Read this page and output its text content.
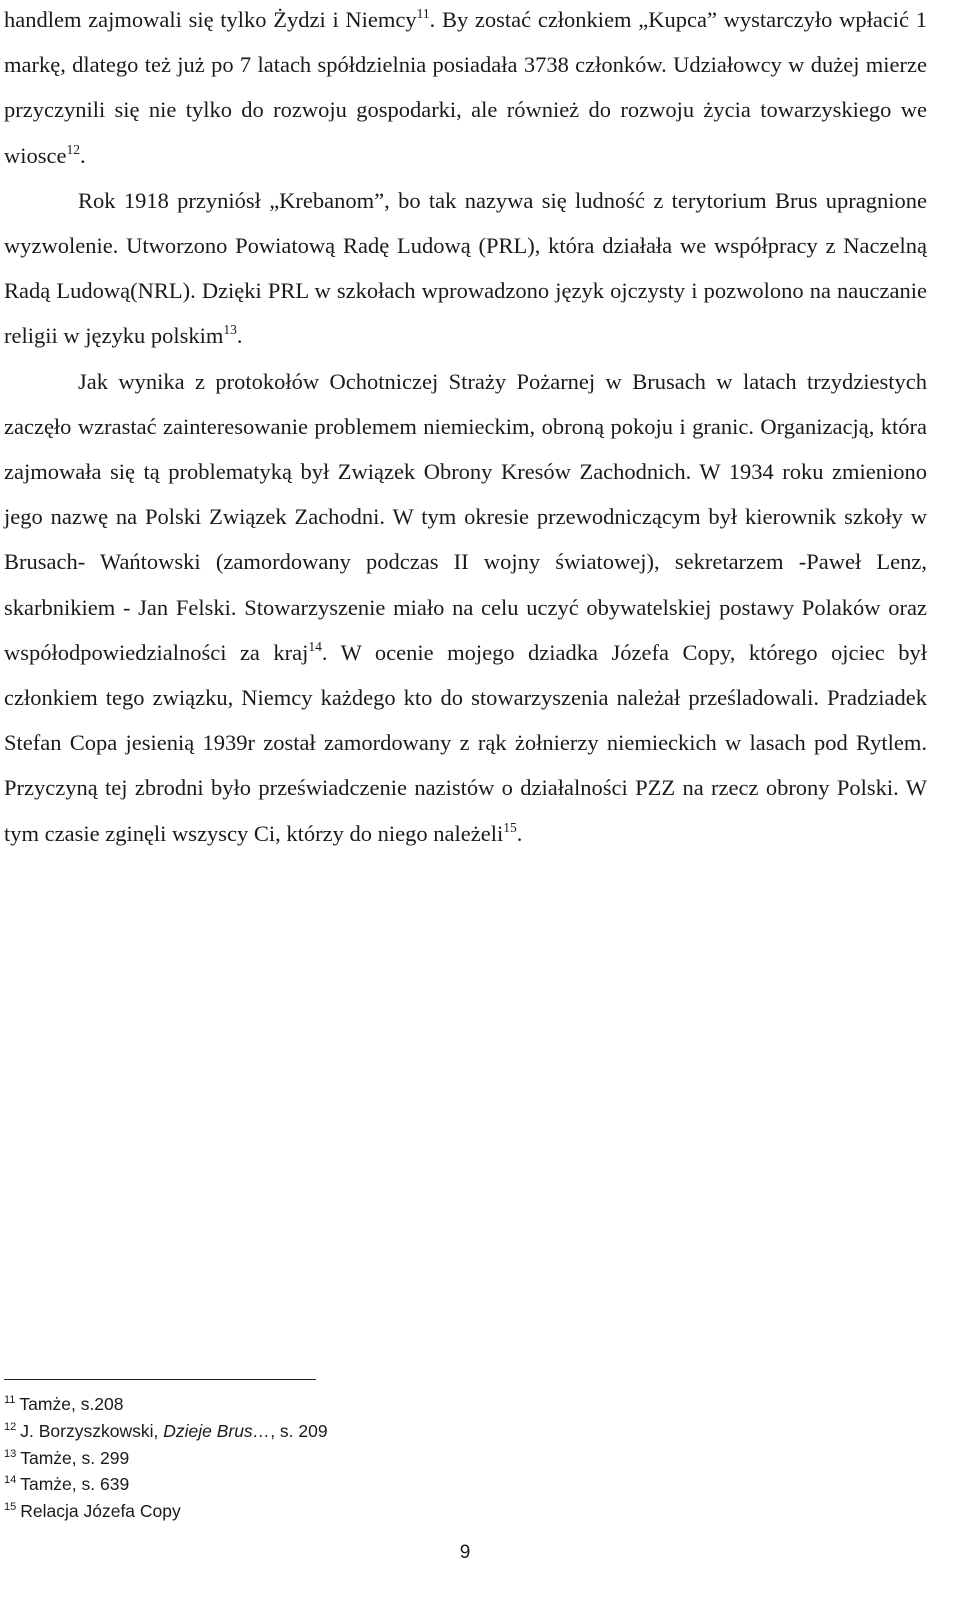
handlem zajmowali się tylko Żydzi i Niemcy$^{11}$. By zostać członkiem „Kupca” wystarczyło wpłacić 1 markę, dlatego też już po 7 latach spółdzielnia posiadała 3738 członków. Udziałowcy w dużej mierze przyczynili się nie tylko do rozwoju gospodarki, ale również do rozwoju życia towarzyskiego we wiosce$^{12}$.

Rok 1918 przyniósł „Krebanom”, bo tak nazywa się ludność z terytorium Brus upragnione wyzwolenie. Utworzono Powiatową Radę Ludową (PRL), która działała we współpracy z Naczelną Radą Ludową(NRL). Dzięki PRL w szkołach wprowadzono język ojczysty i pozwolono na nauczanie religii w języku polskim$^{13}$.

Jak wynika z protokołów Ochotniczej Straży Pożarnej w Brusach w latach trzydziestych zaczęło wzrastać zainteresowanie problemem niemieckim, obroną pokoju i granic. Organizacją, która zajmowała się tą problematyką był Związek Obrony Kresów Zachodnich. W 1934 roku zmieniono jego nazwę na Polski Związek Zachodni. W tym okresie przewodniczącym był kierownik szkoły w Brusach- Wańtowski (zamordowany podczas II wojny światowej), sekretarzem -Paweł Lenz, skarbnikiem - Jan Felski. Stowarzyszenie miało na celu uczyć obywatelskiej postawy Polaków oraz współodpowiedzialności za kraj$^{14}$. W ocenie mojego dziadka Józefa Copy, którego ojciec był członkiem tego związku, Niemcy każdego kto do stowarzyszenia należał prześladowali. Pradziadek Stefan Copa jesienią 1939r został zamordowany z rąk żołnierzy niemieckich w lasach pod Rytlem. Przyczyną tej zbrodni było przeświadczenie nazistów o działalności PZZ na rzecz obrony Polski. W tym czasie zginęli wszyscy Ci, którzy do niego należeli$^{15}$.

$^{11}$ Tamże, s.208

$^{12}$ J. Borzyszkowski, Dzieje Brus…, s. 209

$^{13}$ Tamże, s. 299

$^{14}$ Tamże, s. 639

$^{15}$ Relacja Józefa Copy

9
